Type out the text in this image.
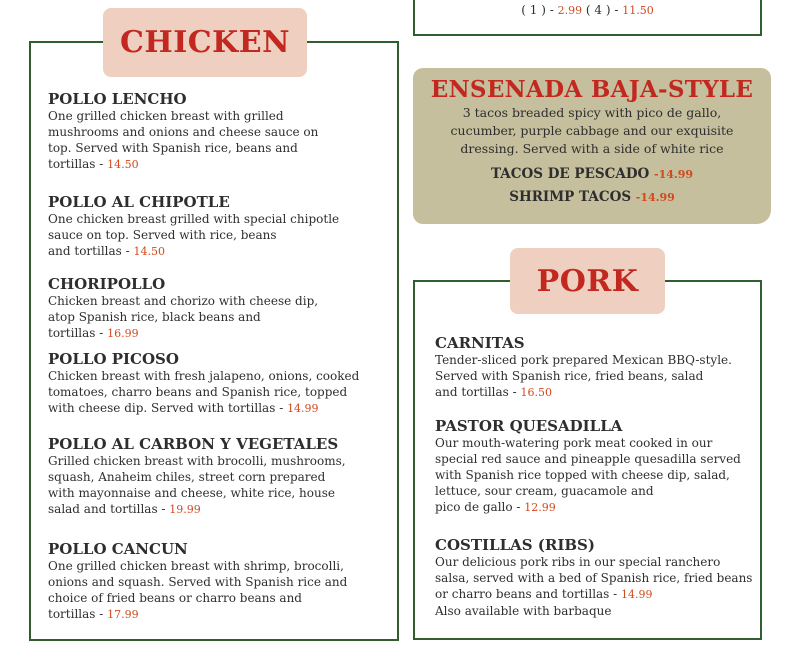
( 1 ) - 2.99 ( 4 ) - 11.50
CHICKEN
POLLO LENCHO
One grilled chicken breast with grilled
mushrooms and onions and cheese sauce on
top. Served with Spanish rice, beans and
tortillas - 14.50
POLLO AL CHIPOTLE
One chicken breast grilled with special chipotle
sauce on top. Served with rice, beans
and tortillas - 14.50
CHORIPOLLO
Chicken breast and chorizo with cheese dip,
atop Spanish rice, black beans and
tortillas - 16.99
POLLO PICOSO
Chicken breast with fresh jalapeno, onions, cooked
tomatoes, charro beans and Spanish rice, topped
with cheese dip. Served with tortillas - 14.99
POLLO AL CARBON Y VEGETALES
Grilled chicken breast with brocolli, mushrooms,
squash, Anaheim chiles, street corn prepared
with mayonnaise and cheese, white rice, house
salad and tortillas - 19.99
POLLO CANCUN
One grilled chicken breast with shrimp, brocolli,
onions and squash. Served with Spanish rice and
choice of fried beans or charro beans and
tortillas - 17.99
ENSENADA BAJA-STYLE
3 tacos breaded spicy with pico de gallo,
cucumber, purple cabbage and our exquisite
dressing. Served with a side of white rice
TACOS DE PESCADO -14.99
SHRIMP TACOS -14.99
PORK
CARNITAS
Tender-sliced pork prepared Mexican BBQ-style.
Served with Spanish rice, fried beans, salad
and tortillas - 16.50
PASTOR QUESADILLA
Our mouth-watering pork meat cooked in our
special red sauce and pineapple quesadilla served
with Spanish rice topped with cheese dip, salad,
lettuce, sour cream, guacamole and
pico de gallo - 12.99
COSTILLAS (RIBS)
Our delicious pork ribs in our special ranchero
salsa, served with a bed of Spanish rice, fried beans
or charro beans and tortillas - 14.99
Also available with barbaque
